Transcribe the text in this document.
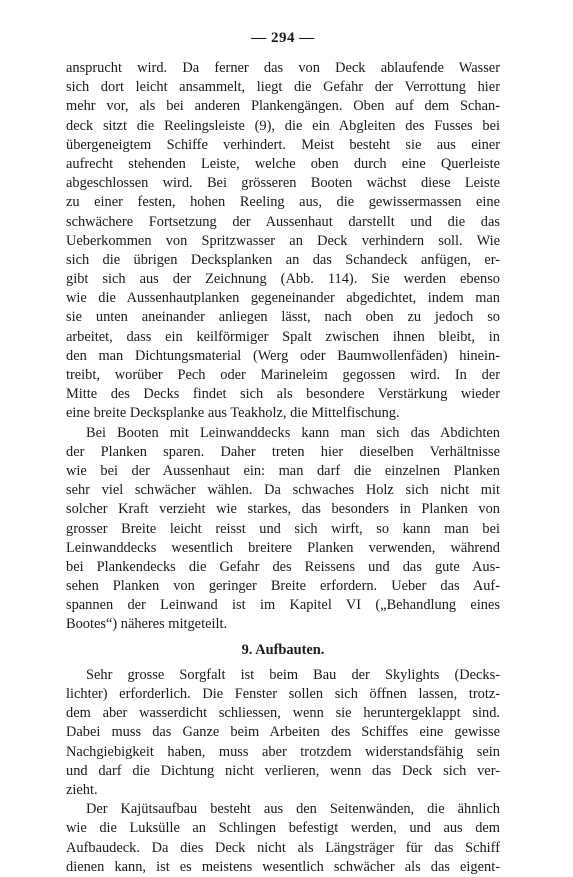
— 294 —
ansprucht wird. Da ferner das von Deck ablaufende Wasser
sich dort leicht ansammelt, liegt die Gefahr der Verrottung hier
mehr vor, als bei anderen Plankengängen. Oben auf dem Schan-
deck sitzt die Reelingsleiste (9), die ein Abgleiten des Fusses bei
übergeneigtem Schiffe verhindert. Meist besteht sie aus einer
aufrecht stehenden Leiste, welche oben durch eine Querleiste
abgeschlossen wird. Bei grösseren Booten wächst diese Leiste
zu einer festen, hohen Reeling aus, die gewissermassen eine
schwächere Fortsetzung der Aussenhaut darstellt und die das
Ueberkommen von Spritzwasser an Deck verhindern soll. Wie
sich die übrigen Decksplanken an das Schandeck anfügen, er-
gibt sich aus der Zeichnung (Abb. 114). Sie werden ebenso
wie die Aussenhautplanken gegeneinander abgedichtet, indem man
sie unten aneinander anliegen lässt, nach oben zu jedoch so
arbeitet, dass ein keilförmiger Spalt zwischen ihnen bleibt, in
den man Dichtungsmaterial (Werg oder Baumwollenfäden) hinein-
treibt, worüber Pech oder Marineleim gegossen wird. In der
Mitte des Decks findet sich als besondere Verstärkung wieder
eine breite Decksplanke aus Teakholz, die Mittelfischung.
Bei Booten mit Leinwanddecks kann man sich das Abdichten
der Planken sparen. Daher treten hier dieselben Verhältnisse
wie bei der Aussenhaut ein: man darf die einzelnen Planken
sehr viel schwächer wählen. Da schwaches Holz sich nicht mit
solcher Kraft verzieht wie starkes, das besonders in Planken von
grosser Breite leicht reisst und sich wirft, so kann man bei
Leinwanddecks wesentlich breitere Planken verwenden, während
bei Plankendecks die Gefahr des Reissens und das gute Aus-
sehen Planken von geringer Breite erfordern. Ueber das Auf-
spannen der Leinwand ist im Kapitel VI („Behandlung eines
Bootes“) näheres mitgeteilt.
9. Aufbauten.
Sehr grosse Sorgfalt ist beim Bau der Skylights (Decks-
lichter) erforderlich. Die Fenster sollen sich öffnen lassen, trotz-
dem aber wasserdicht schliessen, wenn sie heruntergeklappt sind.
Dabei muss das Ganze beim Arbeiten des Schiffes eine gewisse
Nachgiebigkeit haben, muss aber trotzdem widerstandsfähig sein
und darf die Dichtung nicht verlieren, wenn das Deck sich ver-
zieht.
Der Kajütsaufbau besteht aus den Seitenwänden, die ähnlich
wie die Luksülle an Schlingen befestigt werden, und aus dem
Aufbaudeck. Da dies Deck nicht als Längsträger für das Schiff
dienen kann, ist es meistens wesentlich schwächer als das eigent-
